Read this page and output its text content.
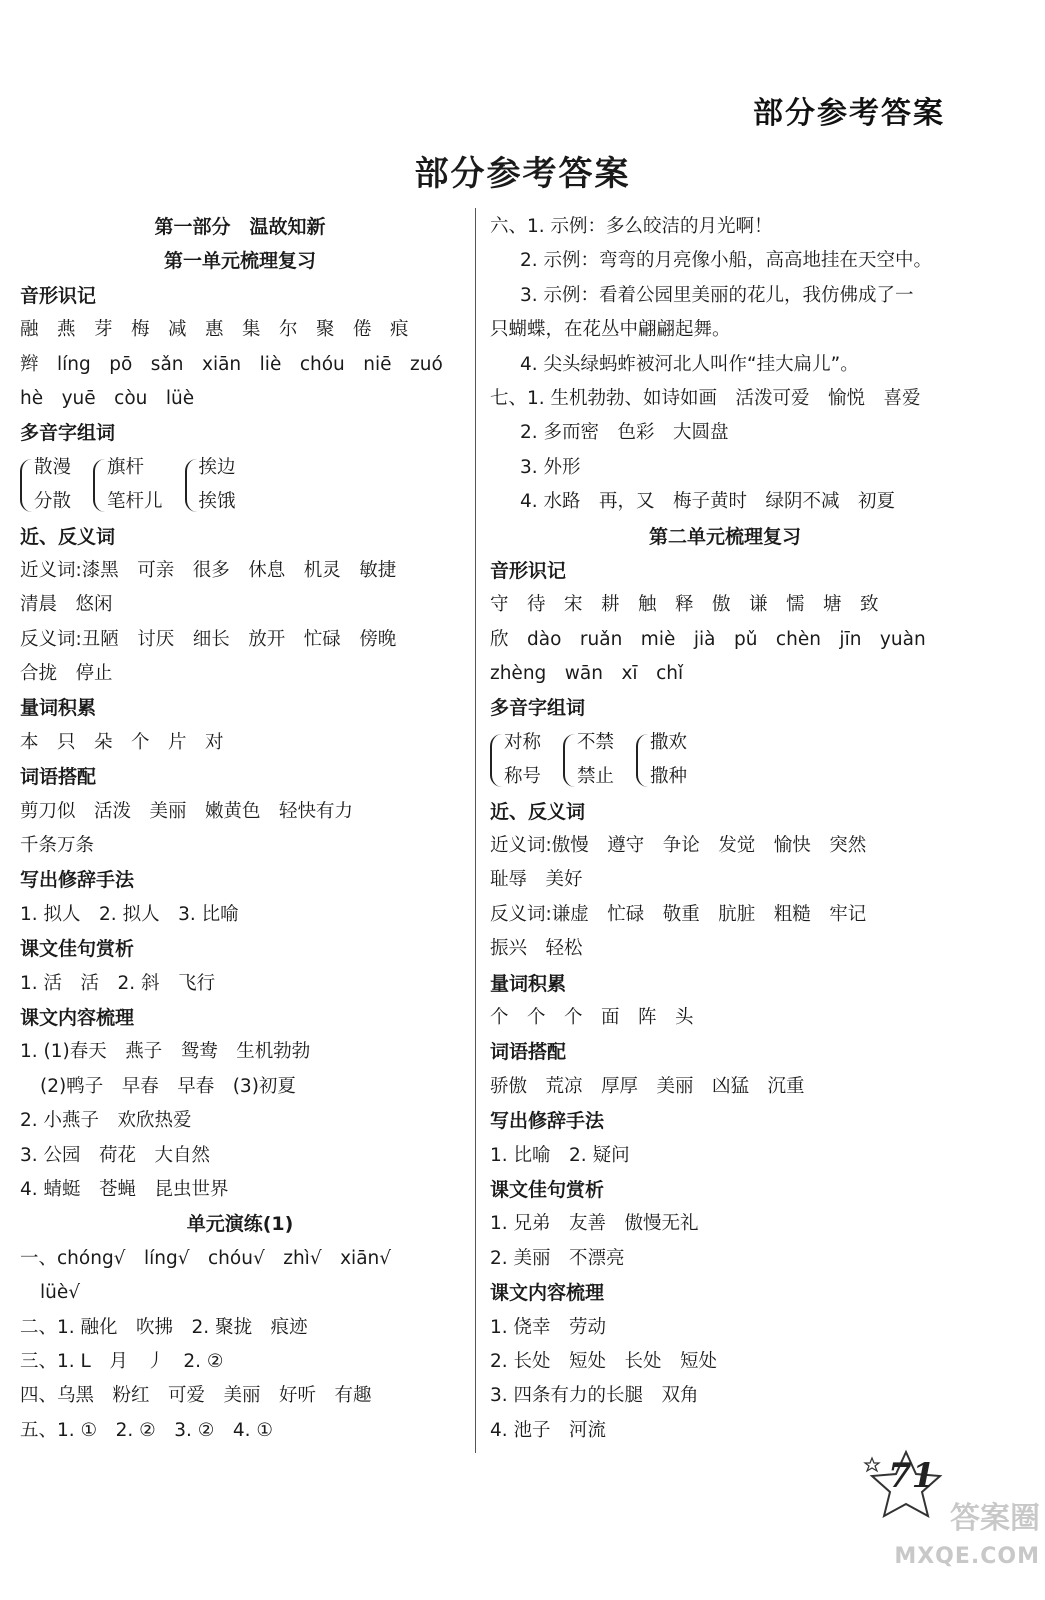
部分参考答案
部分参考答案
第一部分　温故知新
第一单元梳理复习
音形识记
融　燕　芽　梅　减　惠　集　尔　聚　倦　痕
辫　líng　pō　sǎn　xiān　liè　chóu　niē　zuó
hè　yuē　còu　lüè
多音字组词
散漫
分散
旗杆
笔杆儿
挨边
挨饿
近、反义词
近义词:漆黑　可亲　很多　休息　机灵　敏捷
清晨　悠闲
反义词:丑陋　讨厌　细长　放开　忙碌　傍晚
合拢　停止
量词积累
本　只　朵　个　片　对
词语搭配
剪刀似　活泼　美丽　嫩黄色　轻快有力
千条万条
写出修辞手法
1. 拟人　2. 拟人　3. 比喻
课文佳句赏析
1. 活　活　2. 斜　飞行
课文内容梳理
1. (1)春天　燕子　鸳鸯　生机勃勃
(2)鸭子　早春　早春　(3)初夏
2. 小燕子　欢欣热爱
3. 公园　荷花　大自然
4. 蜻蜓　苍蝇　昆虫世界
单元演练(1)
一、chóng√　líng√　chóu√　zhì√　xiān√
lüè√
二、1. 融化　吹拂　2. 聚拢　痕迹
三、1. L　月　丿　2. ②
四、乌黑　粉红　可爱　美丽　好听　有趣
五、1. ①　2. ②　3. ②　4. ①
六、1. 示例：多么皎洁的月光啊！
2. 示例：弯弯的月亮像小船，高高地挂在天空中。
3. 示例：看着公园里美丽的花儿，我仿佛成了一
只蝴蝶，在花丛中翩翩起舞。
4. 尖头绿蚂蚱被河北人叫作“挂大扁儿”。
七、1. 生机勃勃、如诗如画　活泼可爱　愉悦　喜爱
2. 多而密　色彩　大圆盘
3. 外形
4. 水路　再，又　梅子黄时　绿阴不减　初夏
第二单元梳理复习
音形识记
守　待　宋　耕　触　释　傲　谦　懦　塘　致
欣　dào　ruǎn　miè　jià　pǔ　chèn　jīn　yuàn
zhèng　wān　xī　chǐ
多音字组词
对称
称号
不禁
禁止
撒欢
撒种
近、反义词
近义词:傲慢　遵守　争论　发觉　愉快　突然
耻辱　美好
反义词:谦虚　忙碌　敬重　肮脏　粗糙　牢记
振兴　轻松
量词积累
个　个　个　面　阵　头
词语搭配
骄傲　荒凉　厚厚　美丽　凶猛　沉重
写出修辞手法
1. 比喻　2. 疑问
课文佳句赏析
1. 兄弟　友善　傲慢无礼
2. 美丽　不漂亮
课文内容梳理
1. 侥幸　劳动
2. 长处　短处　长处　短处
3. 四条有力的长腿　双角
4. 池子　河流
71
答案圈
MXQE.COM
